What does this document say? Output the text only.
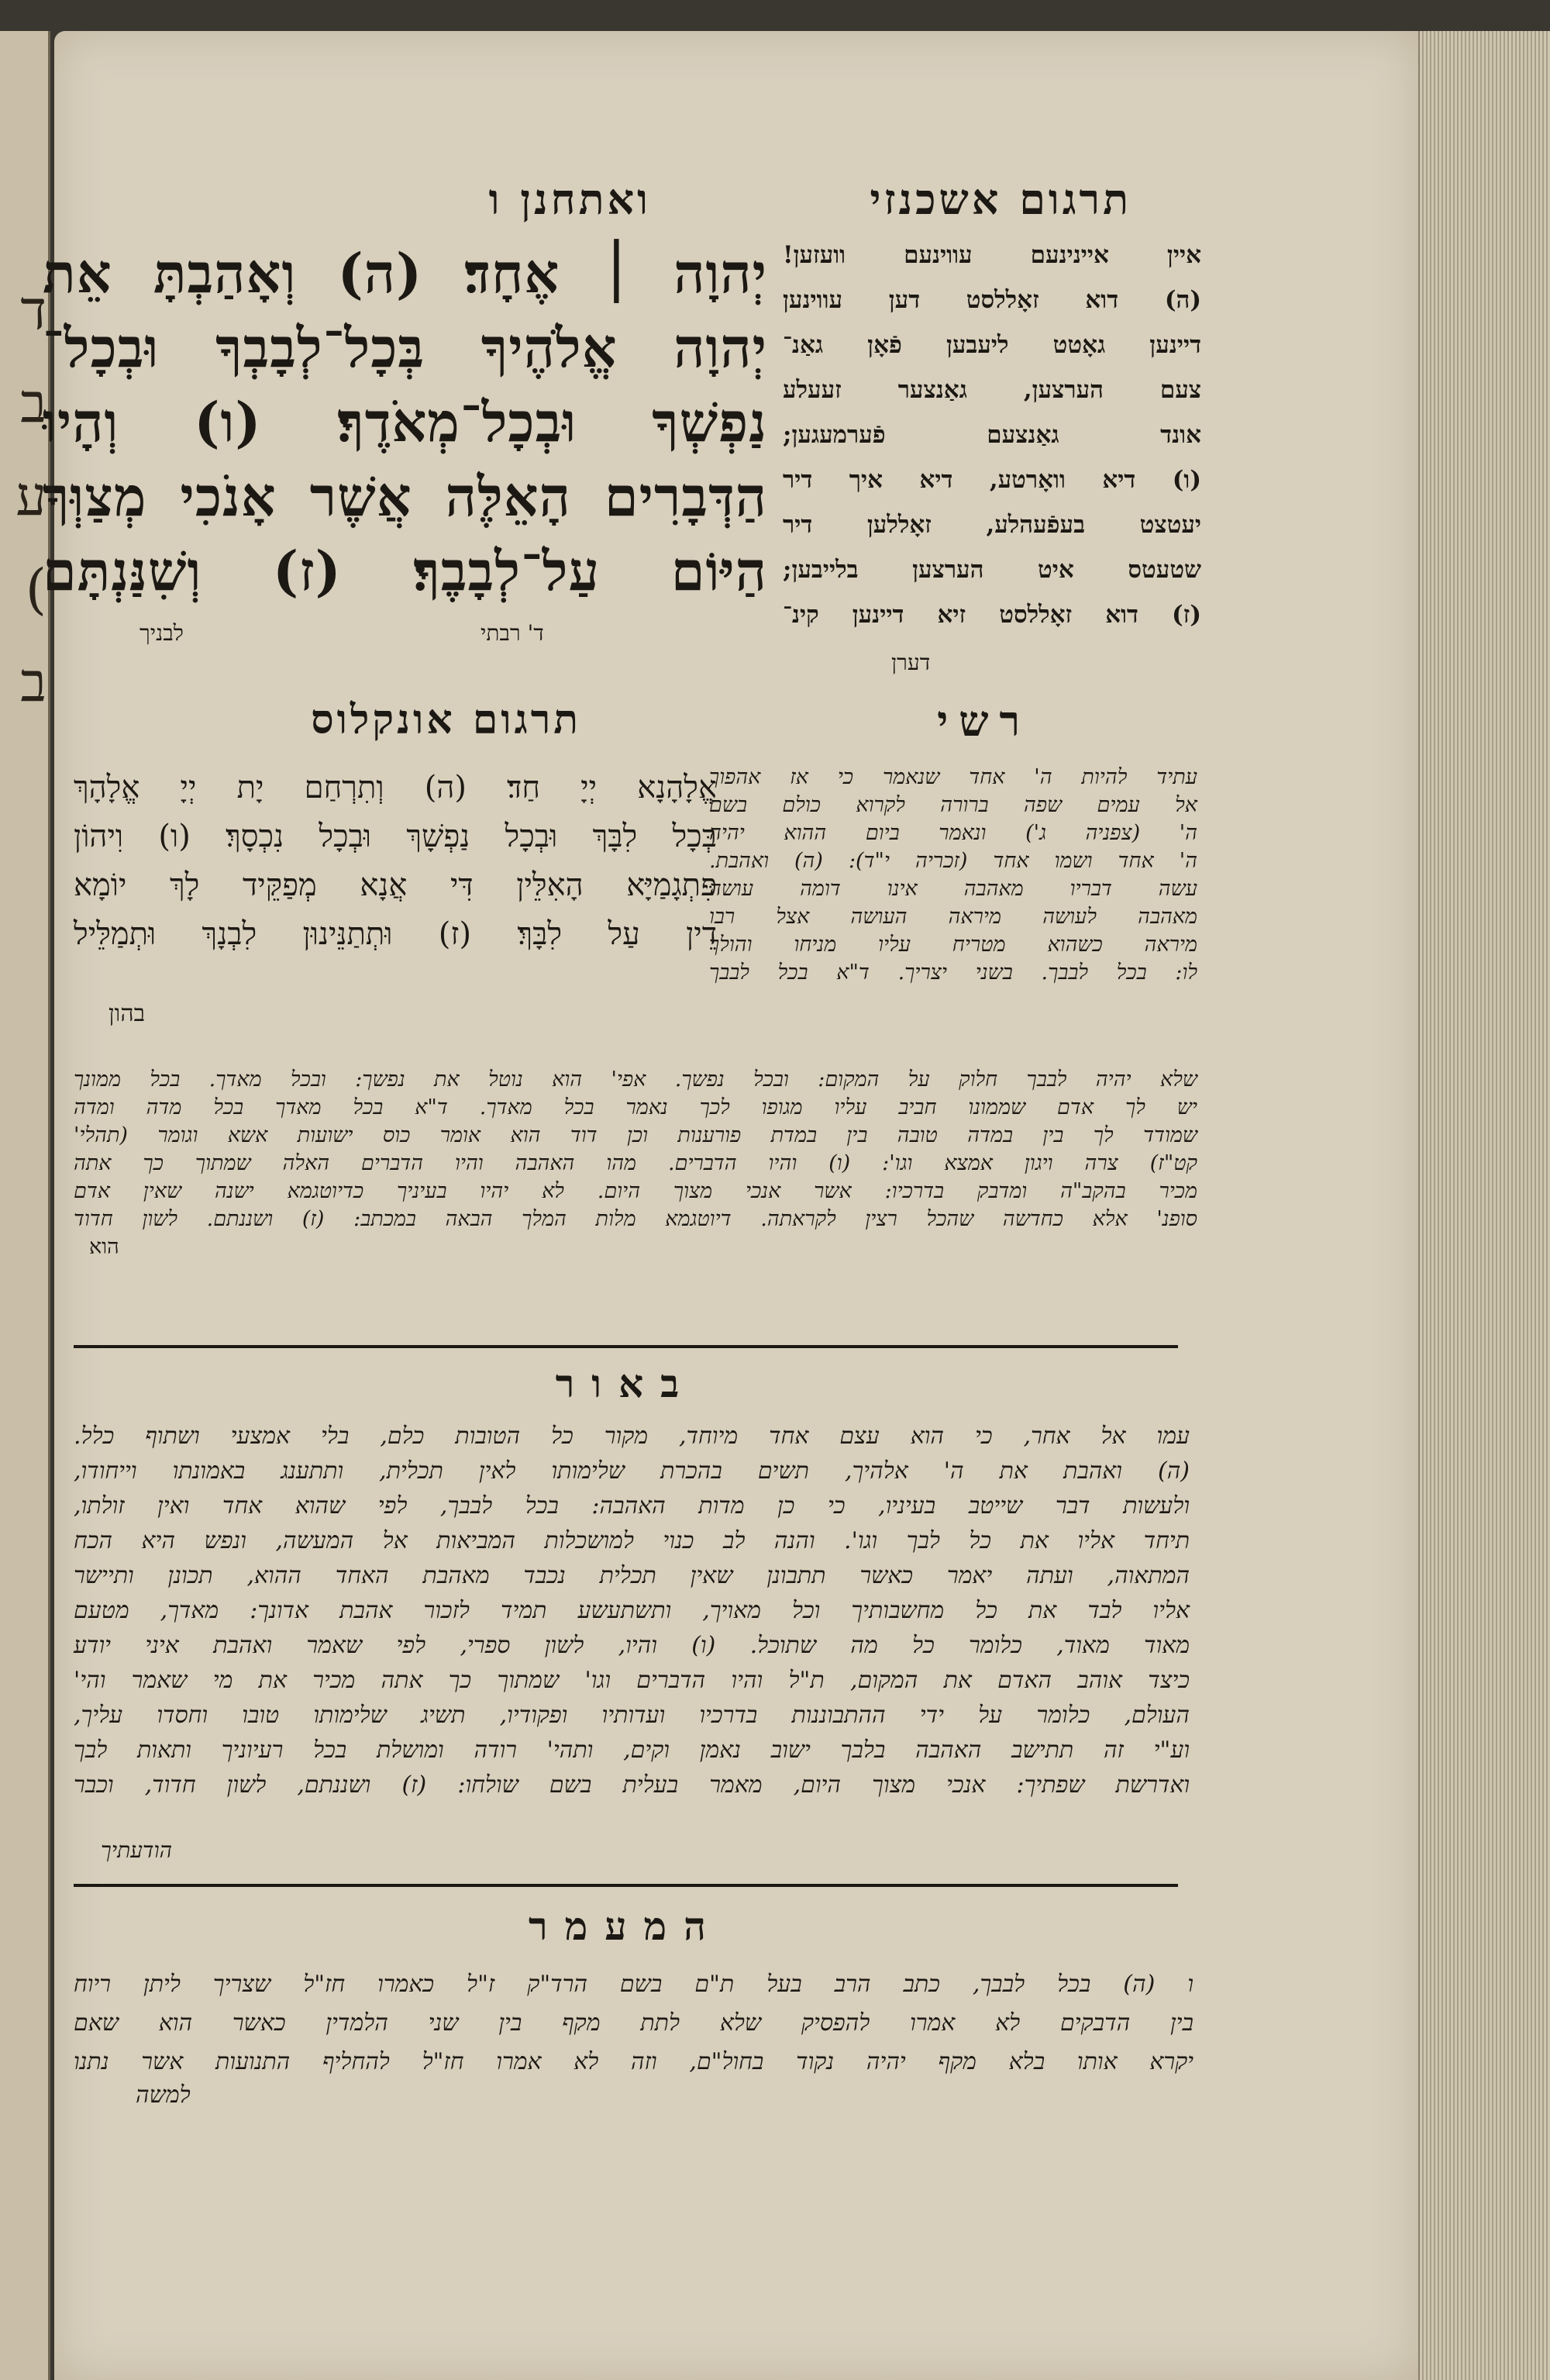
ד
ב
ע
(
ב
תרגום אשכנזי
ואתחנן ו
יְהוָה ׀ אֶחָד׃ (ה) וְאָהַבְתָּ אֵת
יְהוָה אֱלֹהֶיךָ בְּכָל־לְבָבְךָ וּבְכָל־
נַפְשְׁךָ וּבְכָל־מְאֹדֶךָ׃ (ו) וְהָיוּ
הַדְּבָרִים הָאֵלֶּה אֲשֶׁר אָנֹכִי מְצַוְּךָ
הַיּוֹם עַל־לְבָבֶךָ׃ (ז) וְשִׁנַּנְתָּם
לבניך	ד' רבתי
איין איינינעם עווינעם וועזען!
(ה) דוא זאָללסט דען עווינען
דיינען גאָטט ליעבען פֿאָן גאַנ־
צעם הערצען, גאַנצער זעעלע
אונד גאַנצעם פֿערמעגען;
(ו) דיא וואָרטע, דיא איך דיר
יעטצט בעפֿעהלע, זאָללען דיר
שטעטס איט הערצען בלייבען;
(ז) דוא זאָללסט זיא דיינען קינ־
דערן
רשי
תרגום אונקלוס
אֱלָהָנָא יְיָ חַד׃ (ה) וְתִרְחַם יָת יְיָ אֱלָהָךְ
בְּכָל לִבָּךְ וּבְכָל נַפְשָׁךְ וּבְכָל נִכְסָךְ׃ (ו) וִיהוֹן
פִּתְגָמַיָּא הָאִלֵּין דִּי אֲנָא מְפַקֵּיד לָךְ יוֹמָא
דֵין עַל לִבָּךְ׃ (ז) וּתְתַנֵּינוּן לִבְנָךְ וּתְמַלֵּיל
בהון
עתיד להיות ה' אחד שנאמר כי אז אהפוך
אל עמים שפה ברורה לקרוא כולם בשם
ה' (צפניה ג') ונאמר ביום ההוא יהיה
ה' אחד ושמו אחד (זכריה י"ד): (ה) ואהבת.
עשה דבריו מאהבה אינו דומה עושה
מאהבה לעושה מיראה העושה אצל רבו
מיראה כשהוא מטריח עליו מניחו והולך
לו: בכל לבבך. בשני יצריך. ד"א בכל לבבך
שלא יהיה לבבך חלוק על המקום: ובכל נפשך. אפי' הוא נוטל את נפשך: ובכל מאדך. בכל ממונך
יש לך אדם שממונו חביב עליו מגופו לכך נאמר בכל מאדך. ד"א בכל מאדך בכל מדה ומדה
שמודד לך בין במדה טובה בין במדת פורענות וכן דוד הוא אומר כוס ישועות אשא וגומר (תהלי'
קט"ז) צרה ויגון אמצא וגו': (ו) והיו הדברים. מהו האהבה והיו הדברים האלה שמתוך כך אתה
מכיר בהקב"ה ומדבק בדרכיו: אשר אנכי מצוך היום. לא יהיו בעיניך כדיוטגמא ישנה שאין אדם
סופנ' אלא כחדשה שהכל רצין לקראתה. דיוטגמא מלות המלך הבאה במכתב: (ז) ושננתם. לשון חדוד
הוא
באור
עמו אל אחר, כי הוא עצם אחד מיוחד, מקור כל הטובות כלם, בלי אמצעי ושתוף כלל.
(ה) ואהבת את ה' אלהיך, תשים בהכרת שלימותו לאין תכלית, ותתענג באמונתו וייחודו,
ולעשות דבר שייטב בעיניו, כי כן מדות האהבה: בכל לבבך, לפי שהוא אחד ואין זולתו,
תיחד אליו את כל לבך וגו'. והנה לב כנוי למושכלות המביאות אל המעשה, ונפש היא הכח
המתאוה, ועתה יאמר כאשר תתבונן שאין תכלית נכבד מאהבת האחד ההוא, תכונן ותיישר
אליו לבד את כל מחשבותיך וכל מאויך, ותשתעשע תמיד לזכור אהבת אדונך: מאדך, מטעם
מאוד מאוד, כלומר כל מה שתוכל. (ו) והיו, לשון ספרי, לפי שאמר ואהבת איני יודע
כיצד אוהב האדם את המקום, ת"ל והיו הדברים וגו' שמתוך כך אתה מכיר את מי שאמר והי'
העולם, כלומר על ידי ההתבוננות בדרכיו ועדותיו ופקודיו, תשיג שלימותו טובו וחסדו עליך,
וע"י זה תתישב האהבה בלבך ישוב נאמן וקים, ותהי' רודה ומושלת בכל רעיוניך ותאות לבך
ואדרשת שפתיך: אנכי מצוך היום, מאמר בעלית בשם שולחו: (ז) ושננתם, לשון חדוד, וכבר
הודעתיך
המעמר
ו (ה) בכל לבבך, כתב הרב בעל ת"ם בשם הרד"ק ז"ל כאמרו חז"ל שצריך ליתן ריוח
בין הדבקים לא אמרו להפסיק שלא לתת מקף בין שני הלמדין כאשר הוא שאם
יקרא אותו בלא מקף יהיה נקוד בחול"ם, וזה לא אמרו חז"ל להחליף התנועות אשר נתנו
למשה
